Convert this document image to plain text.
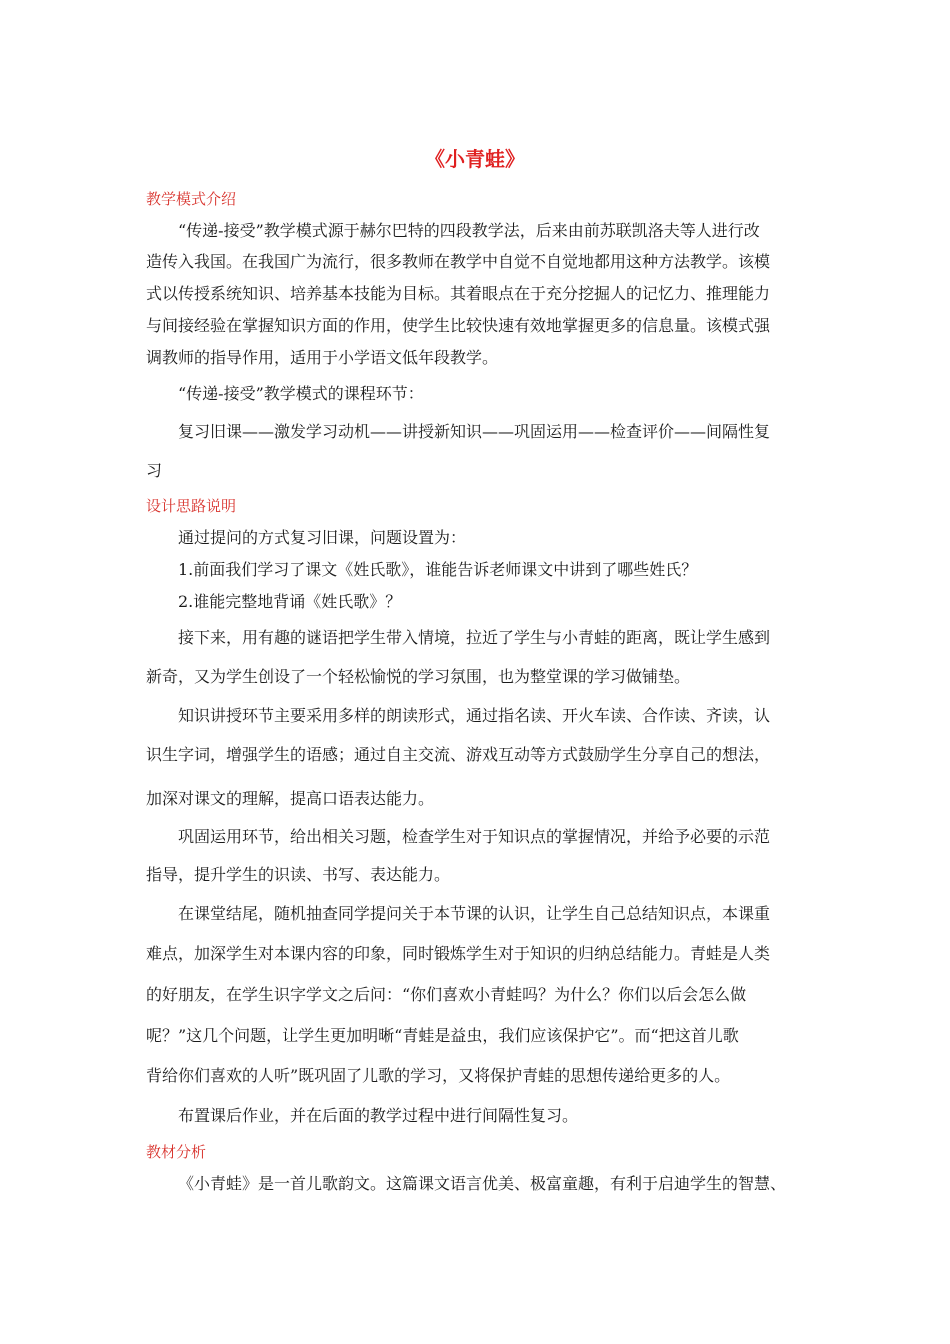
《小青蛙》
教学模式介绍
“传递-接受”教学模式源于赫尔巴特的四段教学法，后来由前苏联凯洛夫等人进行改
造传入我国。在我国广为流行，很多教师在教学中自觉不自觉地都用这种方法教学。该模
式以传授系统知识、培养基本技能为目标。其着眼点在于充分挖掘人的记忆力、推理能力
与间接经验在掌握知识方面的作用，使学生比较快速有效地掌握更多的信息量。该模式强
调教师的指导作用，适用于小学语文低年段教学。
“传递-接受”教学模式的课程环节：
复习旧课——激发学习动机——讲授新知识——巩固运用——检查评价——间隔性复
习
设计思路说明
通过提问的方式复习旧课，问题设置为：
1.前面我们学习了课文《姓氏歌》，谁能告诉老师课文中讲到了哪些姓氏？
2.谁能完整地背诵《姓氏歌》？
接下来，用有趣的谜语把学生带入情境，拉近了学生与小青蛙的距离，既让学生感到
新奇，又为学生创设了一个轻松愉悦的学习氛围，也为整堂课的学习做铺垫。
知识讲授环节主要采用多样的朗读形式，通过指名读、开火车读、合作读、齐读，认
识生字词，增强学生的语感；通过自主交流、游戏互动等方式鼓励学生分享自己的想法，
加深对课文的理解，提高口语表达能力。
巩固运用环节，给出相关习题，检查学生对于知识点的掌握情况，并给予必要的示范
指导，提升学生的识读、书写、表达能力。
在课堂结尾，随机抽查同学提问关于本节课的认识，让学生自己总结知识点，本课重
难点，加深学生对本课内容的印象，同时锻炼学生对于知识的归纳总结能力。青蛙是人类
的好朋友，在学生识字学文之后问：“你们喜欢小青蛙吗？为什么？你们以后会怎么做
呢？”这几个问题，让学生更加明晰“青蛙是益虫，我们应该保护它”。而“把这首儿歌
背给你们喜欢的人听”既巩固了儿歌的学习，又将保护青蛙的思想传递给更多的人。
布置课后作业，并在后面的教学过程中进行间隔性复习。
教材分析
《小青蛙》是一首儿歌韵文。这篇课文语言优美、极富童趣，有利于启迪学生的智慧、
